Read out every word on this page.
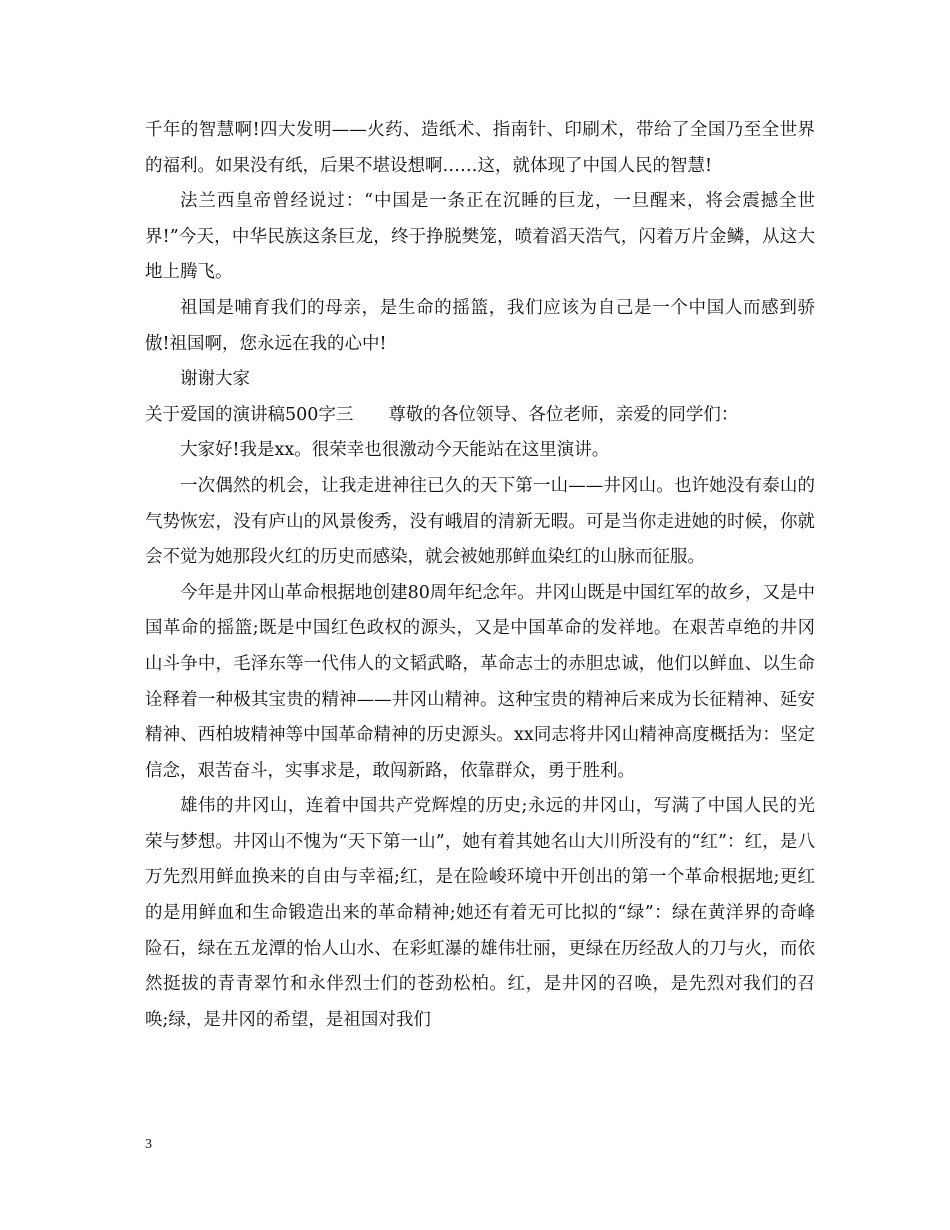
千年的智慧啊!四大发明——火药、造纸术、指南针、印刷术，带给了全国乃至全世界的福利。如果没有纸，后果不堪设想啊……这，就体现了中国人民的智慧!

法兰西皇帝曾经说过：“中国是一条正在沉睡的巨龙，一旦醒来，将会震撼全世界!”今天，中华民族这条巨龙，终于挣脱樊笼，喷着滔天浩气，闪着万片金鳞，从这大地上腾飞。

祖国是哺育我们的母亲，是生命的摇篮，我们应该为自己是一个中国人而感到骄傲!祖国啊，您永远在我的心中!

谢谢大家

关于爱国的演讲稿500字三　　尊敬的各位领导、各位老师，亲爱的同学们：

大家好!我是xx。很荣幸也很激动今天能站在这里演讲。

一次偶然的机会，让我走进神往已久的天下第一山——井冈山。也许她没有泰山的气势恢宏，没有庐山的风景俊秀，没有峨眉的清新无暇。可是当你走进她的时候，你就会不觉为她那段火红的历史而感染，就会被她那鲜血染红的山脉而征服。

今年是井冈山革命根据地创建80周年纪念年。井冈山既是中国红军的故乡，又是中国革命的摇篮;既是中国红色政权的源头，又是中国革命的发祥地。在艰苦卓绝的井冈山斗争中，毛泽东等一代伟人的文韬武略，革命志士的赤胆忠诚，他们以鲜血、以生命诠释着一种极其宝贵的精神——井冈山精神。这种宝贵的精神后来成为长征精神、延安精神、西柏坡精神等中国革命精神的历史源头。xx同志将井冈山精神高度概括为：坚定信念，艰苦奋斗，实事求是，敢闯新路，依靠群众，勇于胜利。

雄伟的井冈山，连着中国共产党辉煌的历史;永远的井冈山，写满了中国人民的光荣与梦想。井冈山不愧为“天下第一山”，她有着其她名山大川所没有的“红”：红，是八万先烈用鲜血换来的自由与幸福;红，是在险峻环境中开创出的第一个革命根据地;更红的是用鲜血和生命锻造出来的革命精神;她还有着无可比拟的“绿”：绿在黄洋界的奇峰险石，绿在五龙潭的怡人山水、在彩虹瀑的雄伟壮丽，更绿在历经敌人的刀与火，而依然挺拔的青青翠竹和永伴烈士们的苍劲松柏。红，是井冈的召唤，是先烈对我们的召唤;绿，是井冈的希望，是祖国对我们

3
